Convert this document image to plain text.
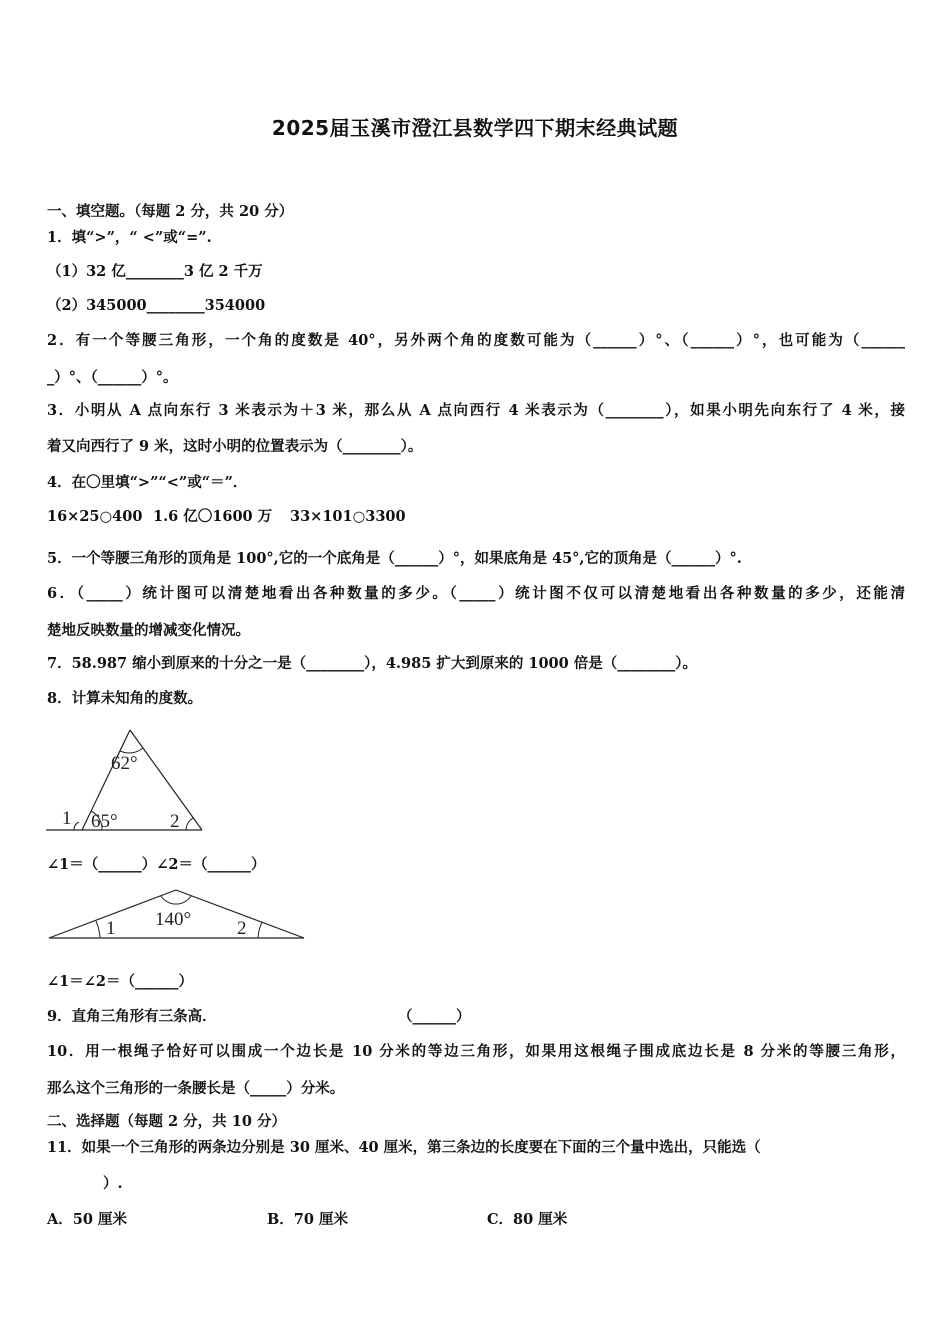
2025届玉溪市澄江县数学四下期末经典试题
一、填空题。（每题 2 分，共 20 分）
1．填“>”，“ <”或“=”.
（1）32 亿________3 亿 2 千万
（2）345000________354000
2．有一个等腰三角形，一个角的度数是 40°，另外两个角的度数可能为（______）°、（______）°，也可能为（______
_）°、（______）°。
3．小明从 A 点向东行 3 米表示为＋3 米，那么从 A 点向西行 4 米表示为（________），如果小明先向东行了 4 米，接
着又向西行了 9 米，这时小明的位置表示为（________）。
4．在〇里填“>”“<”或“＝”．
16×25○400 1.6 亿〇1600 万 33×101○3300
5．一个等腰三角形的顶角是 100°,它的一个底角是（______）°，如果底角是 45°,它的顶角是（______）°.
6．（_____）统计图可以清楚地看出各种数量的多少。（_____）统计图不仅可以清楚地看出各种数量的多少，还能清
楚地反映数量的增减变化情况。
7．58.987 缩小到原来的十分之一是（________），4.985 扩大到原来的 1000 倍是（________）。
8．计算未知角的度数。
62°
65°
1	2
∠1＝（______）∠2＝（______）
140°
1	2
∠1＝∠2＝（______）
9．直角三角形有三条高．	（______）
10．用一根绳子恰好可以围成一个边长是 10 分米的等边三角形，如果用这根绳子围成底边长是 8 分米的等腰三角形，
那么这个三角形的一条腰长是（_____）分米。
二、选择题（每题 2 分，共 10 分）
11．如果一个三角形的两条边分别是 30 厘米、40 厘米，第三条边的长度要在下面的三个量中选出，只能选（
）.
A．50 厘米	B．70 厘米	C．80 厘米
